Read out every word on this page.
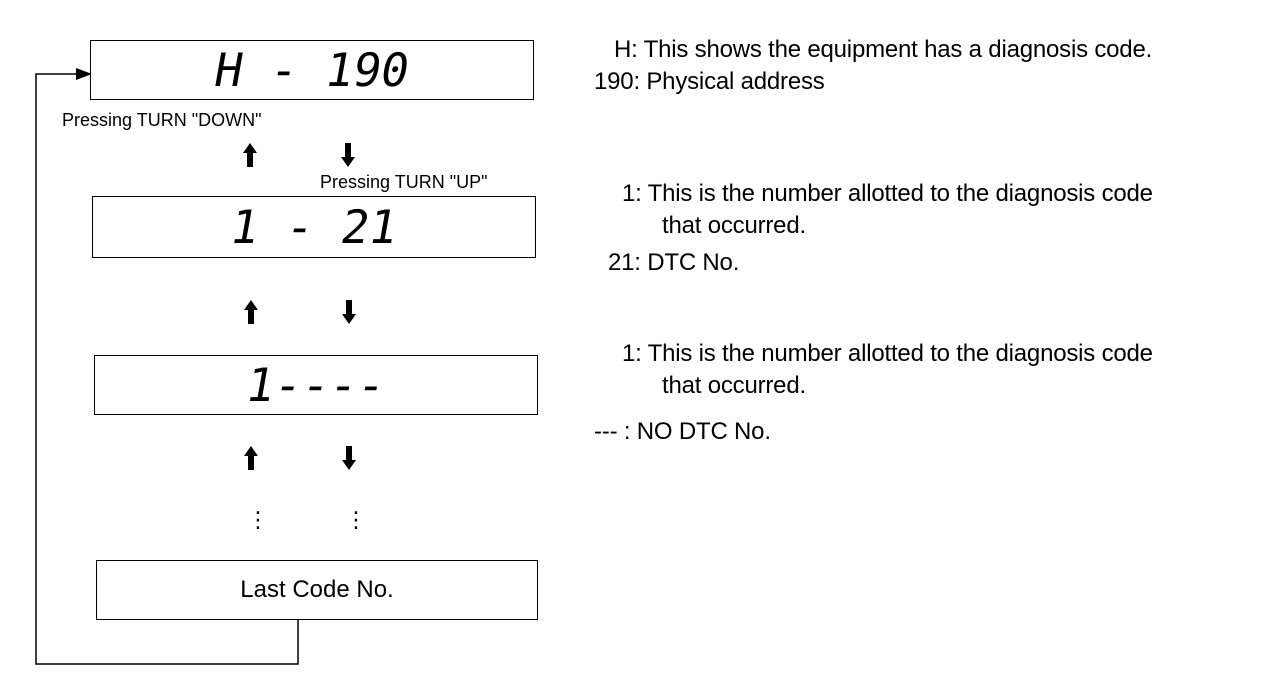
H - 190
Pressing TURN "DOWN"
Pressing TURN "UP"
1 - 21
1----
⋮	⋮
Last Code No.
H: This shows the equipment has a diagnosis code.
190: Physical address
1: This is the number allotted to the diagnosis code
that occurred.
21: DTC No.
1: This is the number allotted to the diagnosis code
that occurred.
--- : NO DTC No.
